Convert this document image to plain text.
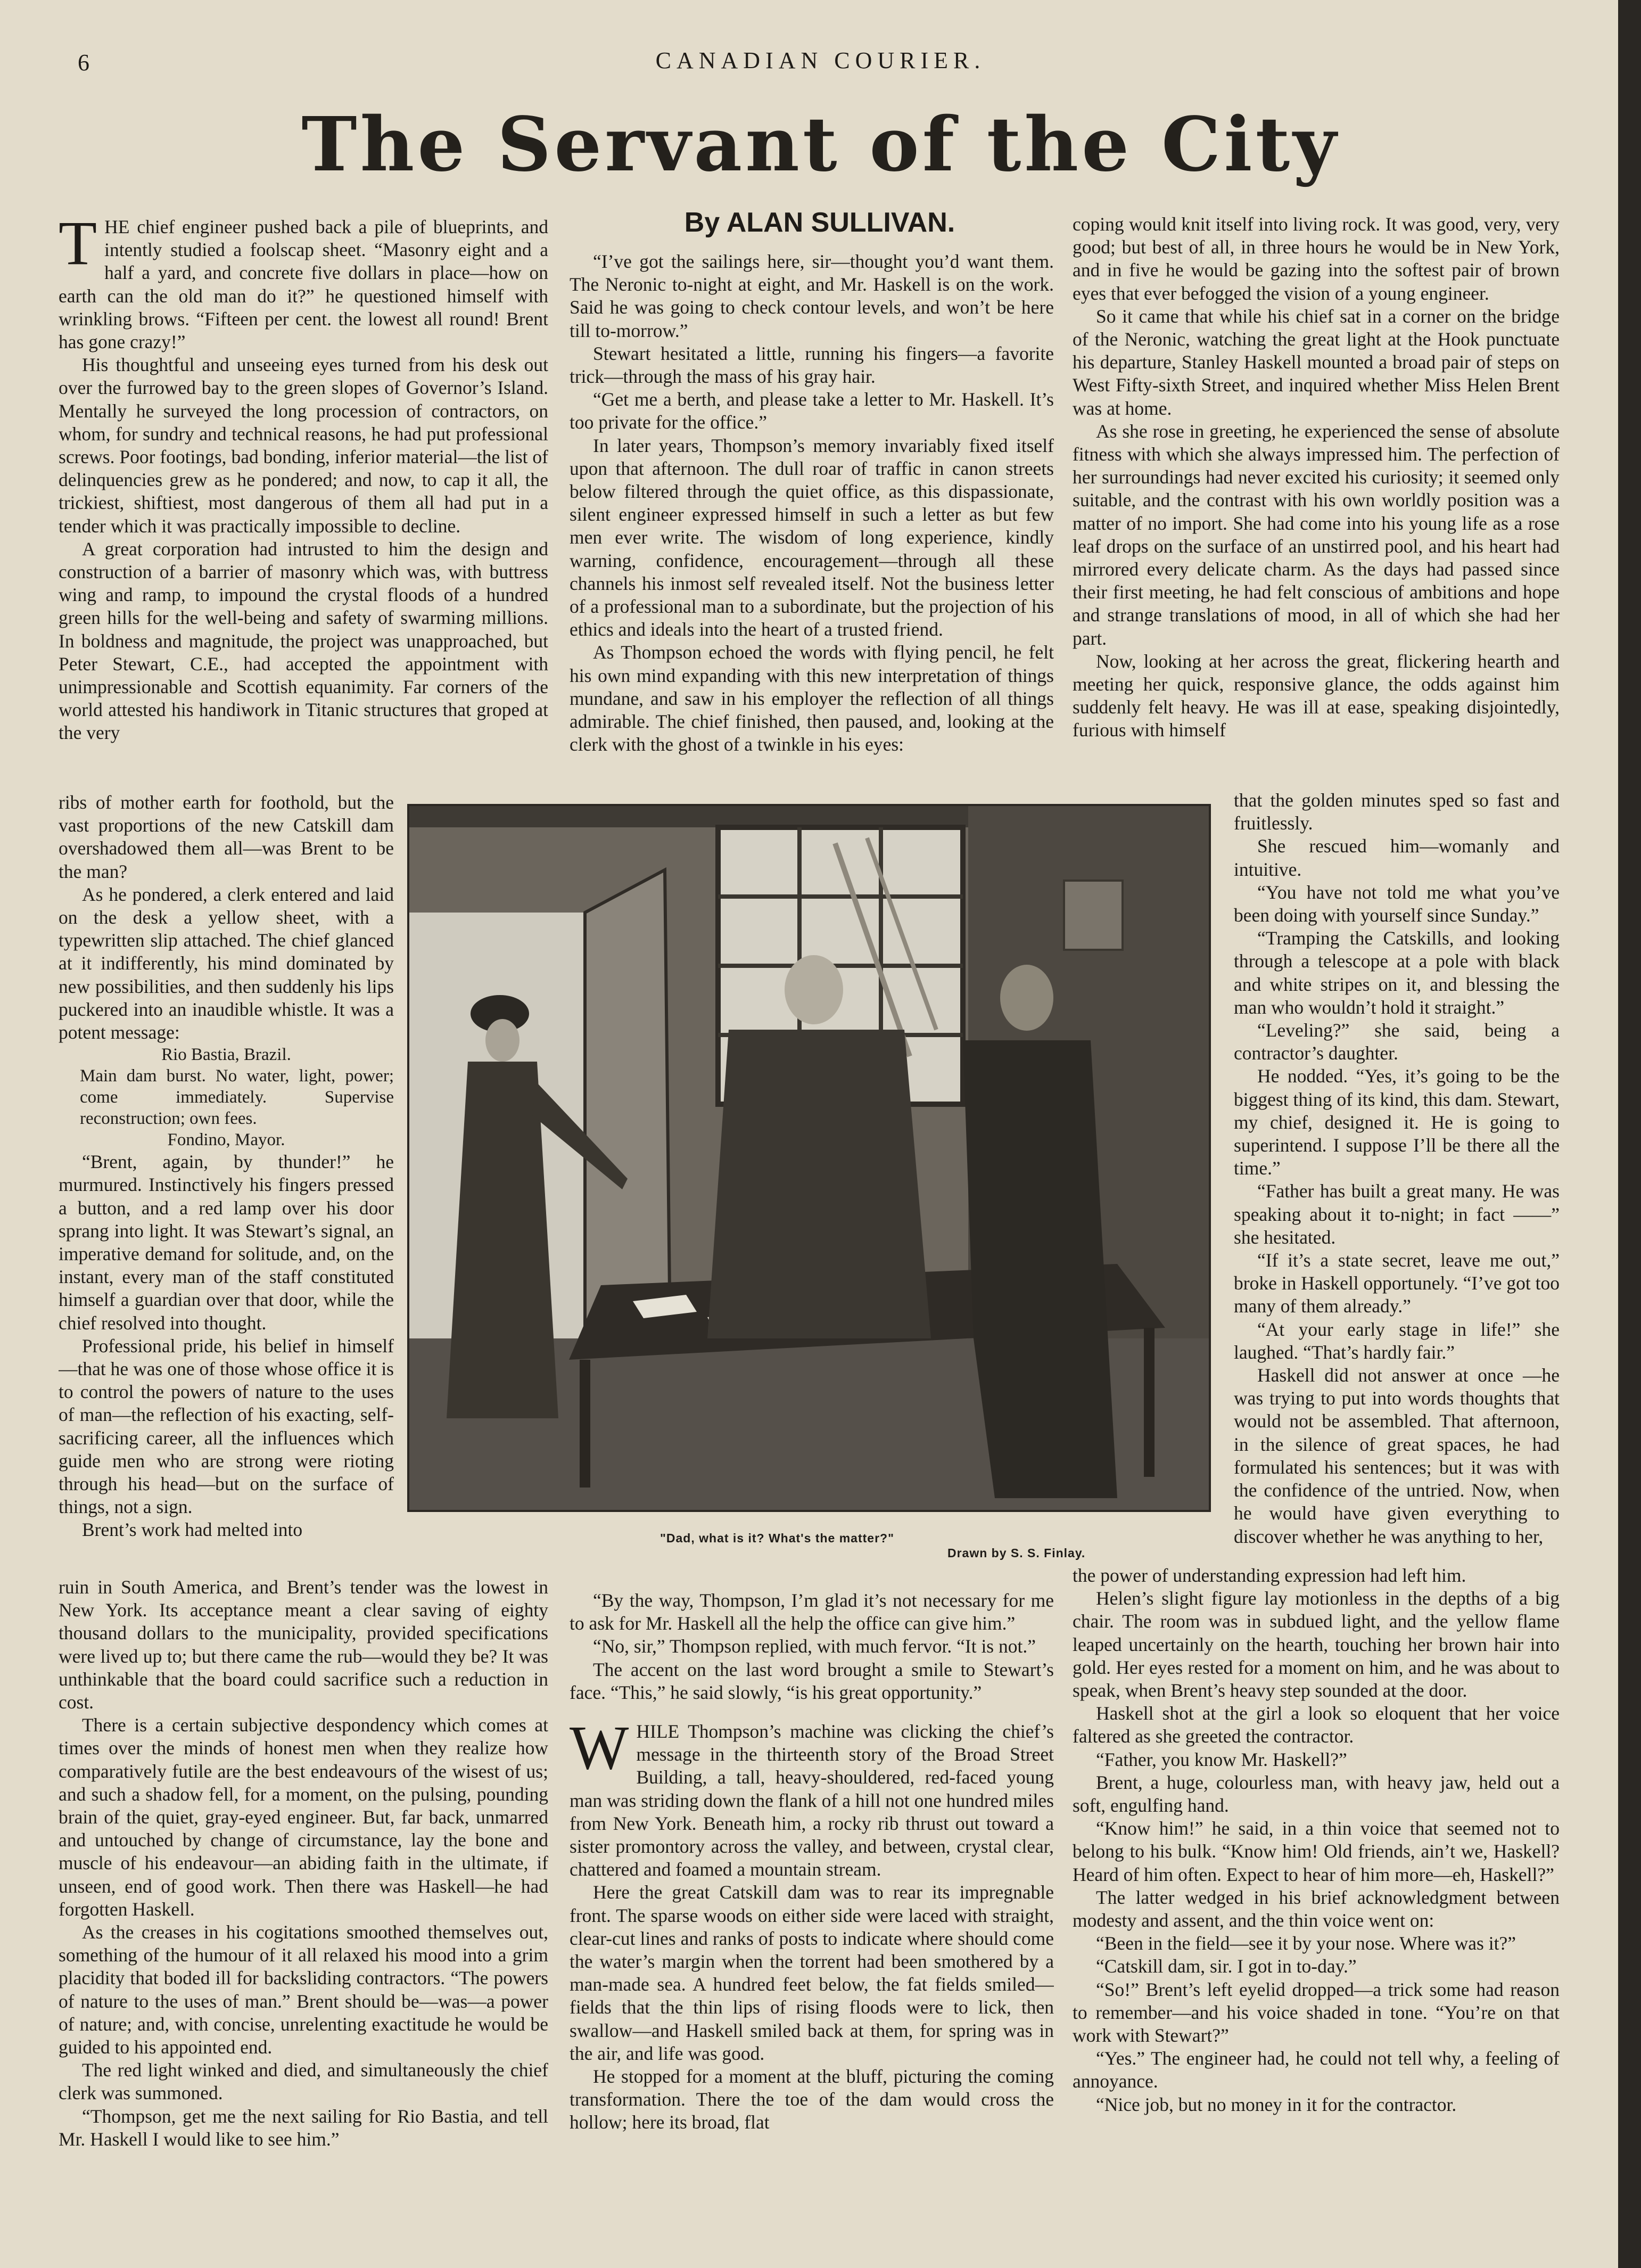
6	CANADIAN COURIER.
The Servant of the City
By ALAN SULLIVAN.

THE chief engineer pushed back a pile of blueprints, and intently studied a foolscap sheet. “Masonry eight and a half a yard, and concrete five dollars in place—how on earth can the old man do it?” he questioned himself with wrinkling brows. “Fifteen per cent. the lowest all round! Brent has gone crazy!”

His thoughtful and unseeing eyes turned from his desk out over the furrowed bay to the green slopes of Governor’s Island. Mentally he surveyed the long procession of contractors, on whom, for sundry and technical reasons, he had put professional screws. Poor footings, bad bonding, inferior material—the list of delinquencies grew as he pondered; and now, to cap it all, the trickiest, shiftiest, most dangerous of them all had put in a tender which it was practically impossible to decline.

A great corporation had intrusted to him the design and construction of a barrier of masonry which was, with buttress wing and ramp, to impound the crystal floods of a hundred green hills for the well-being and safety of swarming millions. In boldness and magnitude, the project was unapproached, but Peter Stewart, C.E., had accepted the appointment with unimpressionable and Scottish equanimity. Far corners of the world attested his handiwork in Titanic structures that groped at the very

ribs of mother earth for foothold, but the vast proportions of the new Catskill dam overshadowed them all—was Brent to be the man?

As he pondered, a clerk entered and laid on the desk a yellow sheet, with a typewritten slip attached. The chief glanced at it indifferently, his mind dominated by new possibilities, and then suddenly his lips puckered into an inaudible whistle. It was a potent message:

Rio Bastia, Brazil.

Main dam burst. No water, light, power; come immediately. Supervise reconstruction; own fees.

Fondino, Mayor.

“Brent, again, by thunder!” he murmured. Instinctively his fingers pressed a button, and a red lamp over his door sprang into light. It was Stewart’s signal, an imperative demand for solitude, and, on the instant, every man of the staff constituted himself a guardian over that door, while the chief resolved into thought.

Professional pride, his belief in himself—that he was one of those whose office it is to control the powers of nature to the uses of man—the reflection of his exacting, self-sacrificing career, all the influences which guide men who are strong were rioting through his head—but on the surface of things, not a sign.

Brent’s work had melted into

ruin in South America, and Brent’s tender was the lowest in New York. Its acceptance meant a clear saving of eighty thousand dollars to the municipality, provided specifications were lived up to; but there came the rub—would they be? It was unthinkable that the board could sacrifice such a reduction in cost.

There is a certain subjective despondency which comes at times over the minds of honest men when they realize how comparatively futile are the best endeavours of the wisest of us; and such a shadow fell, for a moment, on the pulsing, pounding brain of the quiet, gray-eyed engineer. But, far back, unmarred and untouched by change of circumstance, lay the bone and muscle of his endeavour—an abiding faith in the ultimate, if unseen, end of good work. Then there was Haskell—he had forgotten Haskell.

As the creases in his cogitations smoothed themselves out, something of the humour of it all relaxed his mood into a grim placidity that boded ill for backsliding contractors. “The powers of nature to the uses of man.” Brent should be—was—a power of nature; and, with concise, unrelenting exactitude he would be guided to his appointed end.

The red light winked and died, and simultaneously the chief clerk was summoned.

“Thompson, get me the next sailing for Rio Bastia, and tell Mr. Haskell I would like to see him.”

“I’ve got the sailings here, sir—thought you’d want them. The Neronic to-night at eight, and Mr. Haskell is on the work. Said he was going to check contour levels, and won’t be here till to-morrow.”

Stewart hesitated a little, running his fingers—a favorite trick—through the mass of his gray hair.

“Get me a berth, and please take a letter to Mr. Haskell. It’s too private for the office.”

In later years, Thompson’s memory invariably fixed itself upon that afternoon. The dull roar of traffic in canon streets below filtered through the quiet office, as this dispassionate, silent engineer expressed himself in such a letter as but few men ever write. The wisdom of long experience, kindly warning, confidence, encouragement—through all these channels his inmost self revealed itself. Not the business letter of a professional man to a subordinate, but the projection of his ethics and ideals into the heart of a trusted friend.

As Thompson echoed the words with flying pencil, he felt his own mind expanding with this new interpretation of things mundane, and saw in his employer the reflection of all things admirable. The chief finished, then paused, and, looking at the clerk with the ghost of a twinkle in his eyes:

“By the way, Thompson, I’m glad it’s not necessary for me to ask for Mr. Haskell all the help the office can give him.”

“No, sir,” Thompson replied, with much fervor. “It is not.”

The accent on the last word brought a smile to Stewart’s face. “This,” he said slowly, “is his great opportunity.”

WHILE Thompson’s machine was clicking the chief’s message in the thirteenth story of the Broad Street Building, a tall, heavy-shouldered, red-faced young man was striding down the flank of a hill not one hundred miles from New York. Beneath him, a rocky rib thrust out toward a sister promontory across the valley, and between, crystal clear, chattered and foamed a mountain stream.

Here the great Catskill dam was to rear its impregnable front. The sparse woods on either side were laced with straight, clear-cut lines and ranks of posts to indicate where should come the water’s margin when the torrent had been smothered by a man-made sea. A hundred feet below, the fat fields smiled—fields that the thin lips of rising floods were to lick, then swallow—and Haskell smiled back at them, for spring was in the air, and life was good.

He stopped for a moment at the bluff, picturing the coming transformation. There the toe of the dam would cross the hollow; here its broad, flat

coping would knit itself into living rock. It was good, very, very good; but best of all, in three hours he would be in New York, and in five he would be gazing into the softest pair of brown eyes that ever befogged the vision of a young engineer.

So it came that while his chief sat in a corner on the bridge of the Neronic, watching the great light at the Hook punctuate his departure, Stanley Haskell mounted a broad pair of steps on West Fifty-sixth Street, and inquired whether Miss Helen Brent was at home.

As she rose in greeting, he experienced the sense of absolute fitness with which she always impressed him. The perfection of her surroundings had never excited his curiosity; it seemed only suitable, and the contrast with his own worldly position was a matter of no import. She had come into his young life as a rose leaf drops on the surface of an unstirred pool, and his heart had mirrored every delicate charm. As the days had passed since their first meeting, he had felt conscious of ambitions and hope and strange translations of mood, in all of which she had her part.

Now, looking at her across the great, flickering hearth and meeting her quick, responsive glance, the odds against him suddenly felt heavy. He was ill at ease, speaking disjointedly, furious with himself

that the golden minutes sped so fast and fruitlessly.

She rescued him—womanly and intuitive.

“You have not told me what you’ve been doing with yourself since Sunday.”

“Tramping the Catskills, and looking through a telescope at a pole with black and white stripes on it, and blessing the man who wouldn’t hold it straight.”

“Leveling?” she said, being a contractor’s daughter.

He nodded. “Yes, it’s going to be the biggest thing of its kind, this dam. Stewart, my chief, designed it. He is going to superintend. I suppose I’ll be there all the time.”

“Father has built a great many. He was speaking about it to-night; in fact ——” she hesitated.

“If it’s a state secret, leave me out,” broke in Haskell opportunely. “I’ve got too many of them already.”

“At your early stage in life!” she laughed. “That’s hardly fair.”

Haskell did not answer at once —he was trying to put into words thoughts that would not be assembled. That afternoon, in the silence of great spaces, he had formulated his sentences; but it was with the confidence of the untried. Now, when he would have given everything to discover whether he was anything to her,

the power of understanding expression had left him.

Helen’s slight figure lay motionless in the depths of a big chair. The room was in subdued light, and the yellow flame leaped uncertainly on the hearth, touching her brown hair into gold. Her eyes rested for a moment on him, and he was about to speak, when Brent’s heavy step sounded at the door.

Haskell shot at the girl a look so eloquent that her voice faltered as she greeted the contractor.

“Father, you know Mr. Haskell?”

Brent, a huge, colourless man, with heavy jaw, held out a soft, engulfing hand.

“Know him!” he said, in a thin voice that seemed not to belong to his bulk. “Know him! Old friends, ain’t we, Haskell? Heard of him often. Expect to hear of him more—eh, Haskell?”

The latter wedged in his brief acknowledgment between modesty and assent, and the thin voice went on:

“Been in the field—see it by your nose. Where was it?”

“Catskill dam, sir. I got in to-day.”

“So!” Brent’s left eyelid dropped—a trick some had reason to remember—and his voice shaded in tone. “You’re on that work with Stewart?”

“Yes.” The engineer had, he could not tell why, a feeling of annoyance.

“Nice job, but no money in it for the contractor.

"Dad, what is it? What's the matter?"
Drawn by S. S. Finlay.
